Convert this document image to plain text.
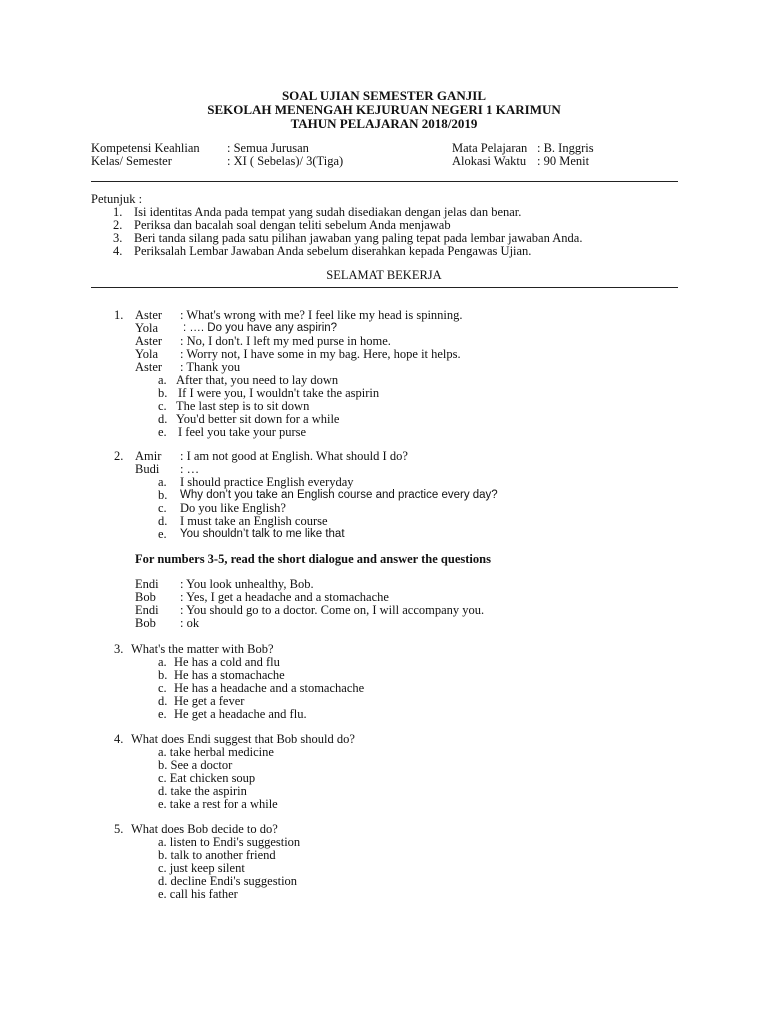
SOAL UJIAN SEMESTER GANJIL
SEKOLAH MENENGAH KEJURUAN NEGERI 1 KARIMUN
TAHUN PELAJARAN 2018/2019
Kompetensi Keahlian : Semua Jurusan
Kelas/ Semester	: XI ( Sebelas)/ 3(Tiga)
Mata Pelajaran : B. Inggris
Alokasi Waktu : 90 Menit
Petunjuk :
1. Isi identitas Anda pada tempat yang sudah disediakan dengan jelas dan benar.
2. Periksa dan bacalah soal dengan teliti sebelum Anda menjawab
3. Beri tanda silang pada satu pilihan jawaban yang paling tepat pada lembar jawaban Anda.
4. Periksalah Lembar Jawaban Anda sebelum diserahkan kepada Pengawas Ujian.
SELAMAT BEKERJA
1. Aster : What's wrong with me? I feel like my head is spinning.
Yola : …. Do you have any aspirin?
Aster : No, I don't. I left my med purse in home.
Yola : Worry not, I have some in my bag. Here, hope it helps.
Aster : Thank you
a. After that, you need to lay down
b. If I were you, I wouldn't take the aspirin
c. The last step is to sit down
d. You'd better sit down for a while
e. I feel you take your purse
2. Amir : I am not good at English. What should I do?
Budi : …
a. I should practice English everyday
b. Why don’t you take an English course and practice every day?
c. Do you like English?
d. I must take an English course
e. You shouldn’t talk to me like that
For numbers 3-5, read the short dialogue and answer the questions
Endi : You look unhealthy, Bob.
Bob : Yes, I get a headache and a stomachache
Endi : You should go to a doctor. Come on, I will accompany you.
Bob : ok
3. What's the matter with Bob?
a. He has a cold and flu
b. He has a stomachache
c. He has a headache and a stomachache
d. He get a fever
e. He get a headache and flu.
4. What does Endi suggest that Bob should do?
a. take herbal medicine
b. See a doctor
c. Eat chicken soup
d. take the aspirin
e. take a rest for a while
5. What does Bob decide to do?
a. listen to Endi's suggestion
b. talk to another friend
c. just keep silent
d. decline Endi's suggestion
e. call his father
